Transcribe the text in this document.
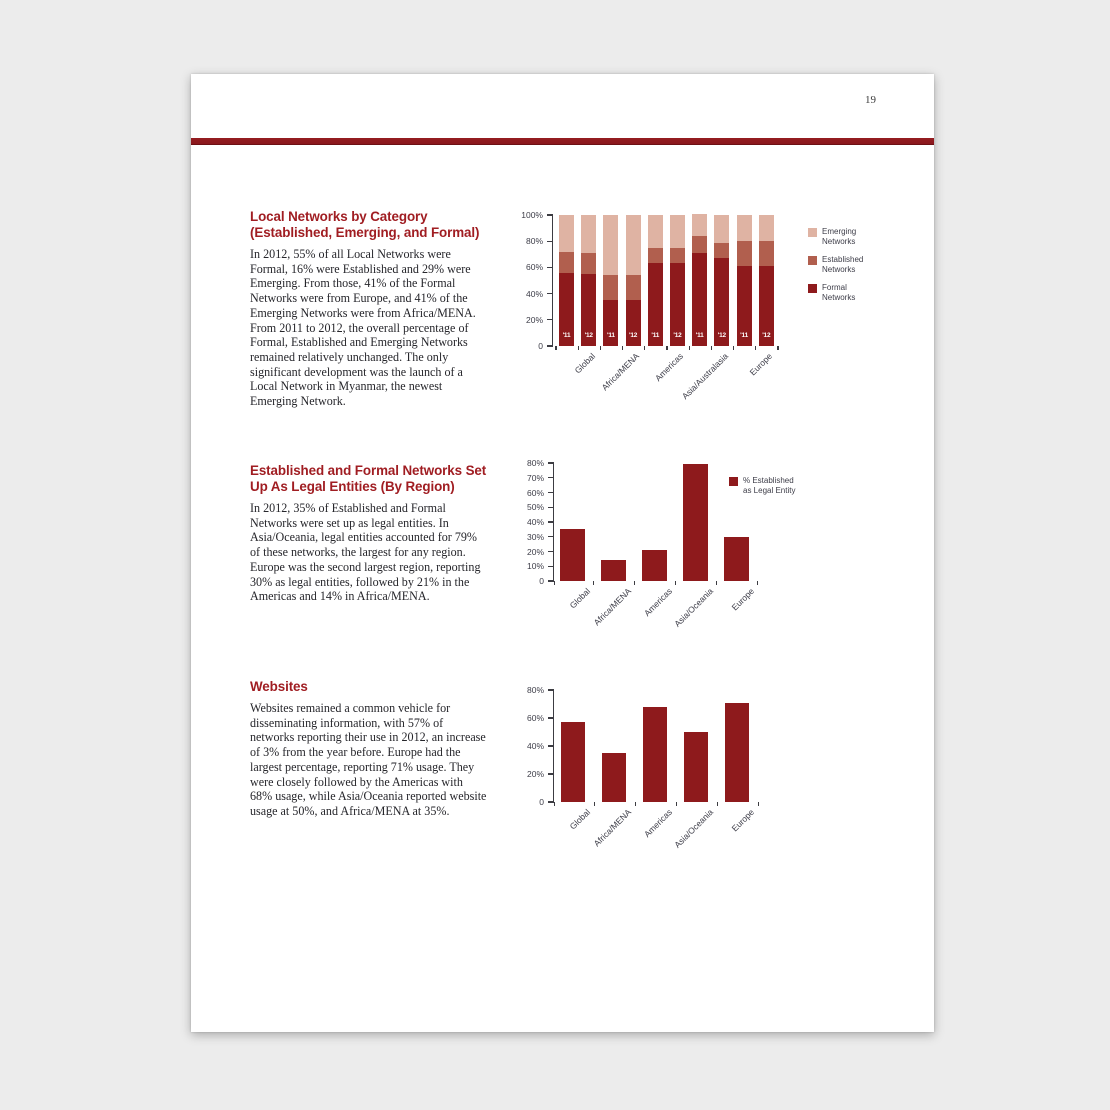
19
Local Networks by Category (Established, Emerging, and Formal)

In 2012, 55% of all Local Networks were Formal, 16% were Established and 29% were Emerging. From those, 41% of the Formal Networks were from Europe, and 41% of the Emerging Networks were from Africa/MENA. From 2011 to 2012, the overall percentage of Formal, Established and Emerging Networks remained relatively unchanged. The only significant development was the launch of a Local Network in Myanmar, the newest Emerging Network.

Established and Formal Networks Set Up As Legal Entities (By Region)

In 2012, 35% of Established and Formal Networks were set up as legal entities. In Asia/Oceania, legal entities accounted for 79% of these networks, the largest for any region. Europe was the second largest region, reporting 30% as legal entities, followed by 21% in the Americas and 14% in Africa/MENA.

Websites

Websites remained a common vehicle for disseminating information, with 57% of networks reporting their use in 2012, an increase of 3% from the year before. Europe had the largest percentage, reporting 71% usage. They were closely followed by the Americas with 68% usage, while Asia/Oceania reported website usage at 50%, and Africa/MENA at 35%.

100%
80%
60%
40%
20%
0
'11	'12	'11	'12	'11	'12	'11	'12	'11	'12
Global Africa/MENA	Americas
Asia/Australasia	Europe
Emerging Networks
Established Networks
Formal Networks
80%
70%
60%
50%
40%
30%
20%
10%
0
Global Africa/MENA	Americas
Asia/Oceania	Europe
% Established as Legal Entity
80%
60%
40%
20%
0
Global Africa/MENA	Americas
Asia/Oceania	Europe
